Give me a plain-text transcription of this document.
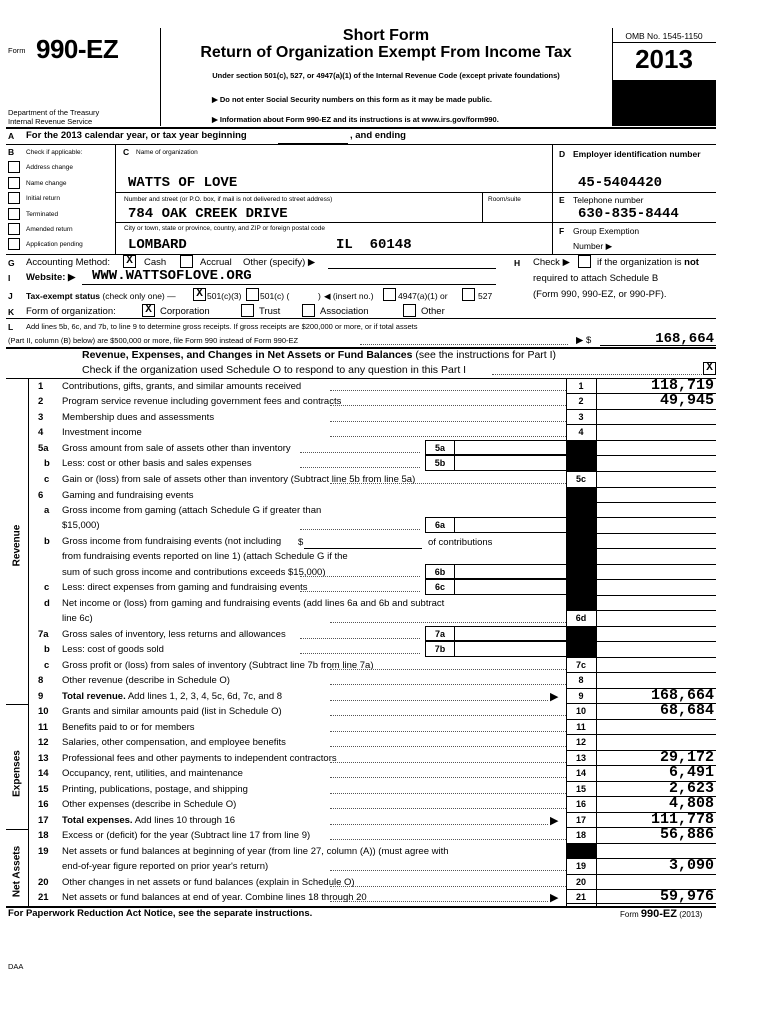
Form 990-EZ	Short Form
Return of Organization Exempt From Income Tax
Under section 501(c), 527, or 4947(a)(1) of the Internal Revenue Code (except private foundations)
▶ Do not enter Social Security numbers on this form as it may be made public.
▶ Information about Form 990-EZ and its instructions is at www.irs.gov/form990.
Department of the Treasury
Internal Revenue Service
OMB No. 1545-1150
2013
A For the 2013 calendar year, or tax year beginning	, and ending
B Check if applicable:
Address change
Name change
Initial return
Terminated
Amended return
Application pending
C Name of organization
WATTS OF LOVE
Number and street (or P.O. box, if mail is not delivered to street address)	Room/suite
784 OAK CREEK DRIVE
City or town, state or province, country, and ZIP or foreign postal code
LOMBARD	IL  60148
D Employer identification number
45-5404420
E Telephone number
630-835-8444
F Group Exemption
Number ▶
G Accounting Method: X	Cash	Accrual Other (specify) ▶	H Check ▶	if the organization is not
required to attach Schedule B
(Form 990, 990-EZ, or 990-PF).
I Website: ▶ WWW.WATTSOFLOVE.ORG
J Tax-exempt status (check only one) — X 501(c)(3) 501(c) (	) ◀ (insert no.)	4947(a)(1) or	527
K Form of organization:	X Corporation	Trust	Association	Other
L Add lines 5b, 6c, and 7b, to line 9 to determine gross receipts. If gross receipts are $200,000 or more, or if total assets
(Part II, column (B) below) are $500,000 or more, file Form 990 instead of Form 990-EZ	▶ $	168,664
Revenue, Expenses, and Changes in Net Assets or Fund Balances (see the instructions for Part I)
Check if the organization used Schedule O to respond to any question in this Part I	X
Revenue
Expenses
Net Assets
1 Contributions, gifts, grants, and similar amounts received	1	118,719
2 Program service revenue including government fees and contracts	2	49,945
3 Membership dues and assessments	3
4 Investment income	4
5a Gross amount from sale of assets other than inventory	5a
b Less: cost or other basis and sales expenses	5b
c Gain or (loss) from sale of assets other than inventory (Subtract line 5b from line 5a)	5c
6 Gaming and fundraising events
a Gross income from gaming (attach Schedule G if greater than
$15,000)	6a
b Gross income from fundraising events (not including
from fundraising events reported on line 1) (attach Schedule G if the
sum of such gross income and contributions exceeds $15,000)	6b
c Less: direct expenses from gaming and fundraising events	6c
d Net income or (loss) from gaming and fundraising events (add lines 6a and 6b and subtract
line 6c)	6d
7a Gross sales of inventory, less returns and allowances	7a
b Less: cost of goods sold	7b
c Gross profit or (loss) from sales of inventory (Subtract line 7b from line 7a)	7c
8 Other revenue (describe in Schedule O)	8
9 Total revenue. Add lines 1, 2, 3, 4, 5c, 6d, 7c, and 8	9	168,664
▶
10 Grants and similar amounts paid (list in Schedule O)	10	68,684
11 Benefits paid to or for members	11
12 Salaries, other compensation, and employee benefits	12
13 Professional fees and other payments to independent contractors	13	29,172
14 Occupancy, rent, utilities, and maintenance	14	6,491
15 Printing, publications, postage, and shipping	15	2,623
16 Other expenses (describe in Schedule O)	16	4,808
17 Total expenses. Add lines 10 through 16	17	111,778
▶
18 Excess or (deficit) for the year (Subtract line 17 from line 9)	18	56,886
19 Net assets or fund balances at beginning of year (from line 27, column (A)) (must agree with
end-of-year figure reported on prior year's return)	19	3,090
20 Other changes in net assets or fund balances (explain in Schedule O)	20
21 Net assets or fund balances at end of year. Combine lines 18 through 20	21	59,976
▶
$	of contributions
For Paperwork Reduction Act Notice, see the separate instructions.	Form 990-EZ (2013)
DAA
